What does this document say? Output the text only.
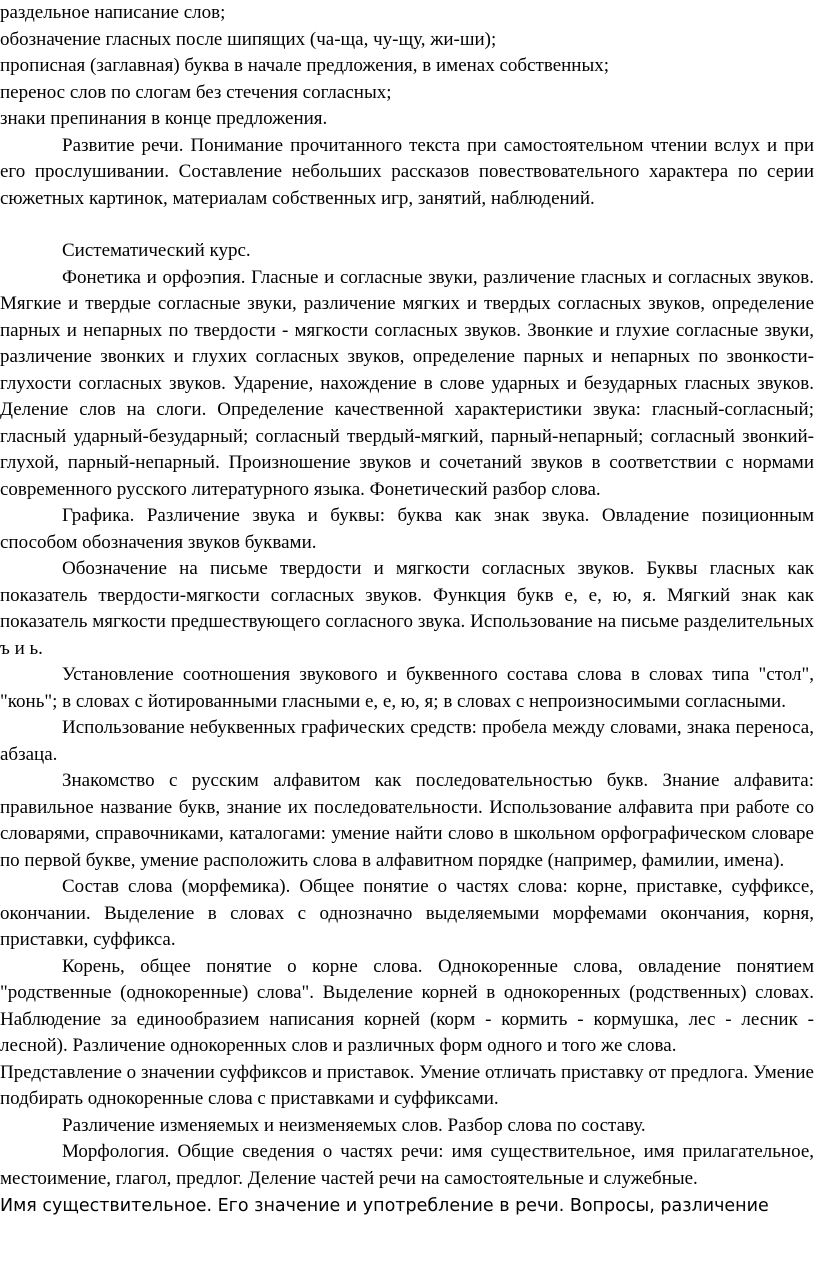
раздельное написание слов;

обозначение гласных после шипящих (ча-ща, чу-щу, жи-ши);

прописная (заглавная) буква в начале предложения, в именах собственных;

перенос слов по слогам без стечения согласных;

знаки препинания в конце предложения.

Развитие речи. Понимание прочитанного текста при самостоятельном чтении вслух и при его прослушивании. Составление небольших рассказов повествовательного характера по серии сюжетных картинок, материалам собственных игр, занятий, наблюдений.

Систематический курс.

Фонетика и орфоэпия. Гласные и согласные звуки, различение гласных и согласных звуков. Мягкие и твердые согласные звуки, различение мягких и твердых согласных звуков, определение парных и непарных по твердости - мягкости согласных звуков. Звонкие и глухие согласные звуки, различение звонких и глухих согласных звуков, определение парных и непарных по звонкости-глухости согласных звуков. Ударение, нахождение в слове ударных и безударных гласных звуков. Деление слов на слоги. Определение качественной характеристики звука: гласный-согласный; гласный ударный-безударный; согласный твердый-мягкий, парный-непарный; согласный звонкий-глухой, парный-непарный. Произношение звуков и сочетаний звуков в соответствии с нормами современного русского литературного языка. Фонетический разбор слова.

Графика. Различение звука и буквы: буква как знак звука. Овладение позиционным способом обозначения звуков буквами.

Обозначение на письме твердости и мягкости согласных звуков. Буквы гласных как показатель твердости-мягкости согласных звуков. Функция букв е, е, ю, я. Мягкий знак как показатель мягкости предшествующего согласного звука. Использование на письме разделительных ъ и ь.

Установление соотношения звукового и буквенного состава слова в словах типа "стол", "конь"; в словах с йотированными гласными е, е, ю, я; в словах с непроизносимыми согласными.

Использование небуквенных графических средств: пробела между словами, знака переноса, абзаца.

Знакомство с русским алфавитом как последовательностью букв. Знание алфавита: правильное название букв, знание их последовательности. Использование алфавита при работе со словарями, справочниками, каталогами: умение найти слово в школьном орфографическом словаре по первой букве, умение расположить слова в алфавитном порядке (например, фамилии, имена).

Состав слова (морфемика). Общее понятие о частях слова: корне, приставке, суффиксе, окончании. Выделение в словах с однозначно выделяемыми морфемами окончания, корня, приставки, суффикса.

Корень, общее понятие о корне слова. Однокоренные слова, овладение понятием "родственные (однокоренные) слова". Выделение корней в однокоренных (родственных) словах. Наблюдение за единообразием написания корней (корм - кормить - кормушка, лес - лесник - лесной). Различение однокоренных слов и различных форм одного и того же слова.

Представление о значении суффиксов и приставок. Умение отличать приставку от предлога. Умение подбирать однокоренные слова с приставками и суффиксами.

Различение изменяемых и неизменяемых слов. Разбор слова по составу.

Морфология. Общие сведения о частях речи: имя существительное, имя прилагательное, местоимение, глагол, предлог. Деление частей речи на самостоятельные и служебные.

Имя существительное. Его значение и употребление в речи. Вопросы, различение
